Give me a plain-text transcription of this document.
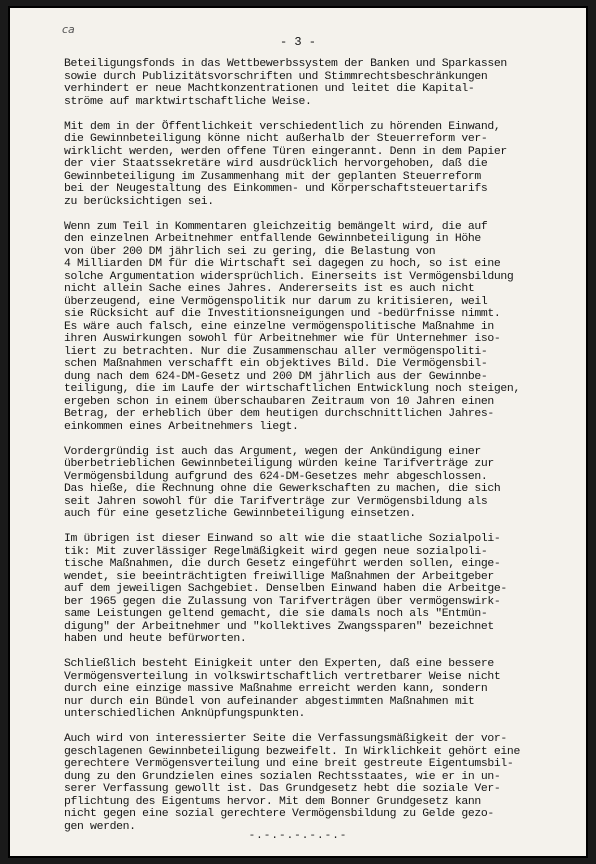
ca
- 3 -
Beteiligungsfonds in das Wettbewerbssystem der Banken und Sparkassen
sowie durch Publizitätsvorschriften und Stimmrechtsbeschränkungen
verhindert er neue Machtkonzentrationen und leitet die Kapital-
ströme auf marktwirtschaftliche Weise.
Mit dem in der Öffentlichkeit verschiedentlich zu hörenden Einwand,
die Gewinnbeteiligung könne nicht außerhalb der Steuerreform ver-
wirklicht werden, werden offene Türen eingerannt. Denn in dem Papier
der vier Staatssekretäre wird ausdrücklich hervorgehoben, daß die
Gewinnbeteiligung im Zusammenhang mit der geplanten Steuerreform
bei der Neugestaltung des Einkommen- und Körperschaftsteuertarifs
zu berücksichtigen sei.
Wenn zum Teil in Kommentaren gleichzeitig bemängelt wird, die auf
den einzelnen Arbeitnehmer entfallende Gewinnbeteiligung in Höhe
von über 200 DM jährlich sei zu gering, die Belastung von
4 Milliarden DM für die Wirtschaft sei dagegen zu hoch, so ist eine
solche Argumentation widersprüchlich. Einerseits ist Vermögensbildung
nicht allein Sache eines Jahres. Andererseits ist es auch nicht
überzeugend, eine Vermögenspolitik nur darum zu kritisieren, weil
sie Rücksicht auf die Investitionsneigungen und -bedürfnisse nimmt.
Es wäre auch falsch, eine einzelne vermögenspolitische Maßnahme in
ihren Auswirkungen sowohl für Arbeitnehmer wie für Unternehmer iso-
liert zu betrachten. Nur die Zusammenschau aller vermögenspoliti-
schen Maßnahmen verschafft ein objektives Bild. Die Vermögensbil-
dung nach dem 624-DM-Gesetz und 200 DM jährlich aus der Gewinnbe-
teiligung, die im Laufe der wirtschaftlichen Entwicklung noch steigen,
ergeben schon in einem überschaubaren Zeitraum von 10 Jahren einen
Betrag, der erheblich über dem heutigen durchschnittlichen Jahres-
einkommen eines Arbeitnehmers liegt.
Vordergründig ist auch das Argument, wegen der Ankündigung einer
überbetrieblichen Gewinnbeteiligung würden keine Tarifverträge zur
Vermögensbildung aufgrund des 624-DM-Gesetzes mehr abgeschlossen.
Das hieße, die Rechnung ohne die Gewerkschaften zu machen, die sich
seit Jahren sowohl für die Tarifverträge zur Vermögensbildung als
auch für eine gesetzliche Gewinnbeteiligung einsetzen.
Im übrigen ist dieser Einwand so alt wie die staatliche Sozialpoli-
tik: Mit zuverlässiger Regelmäßigkeit wird gegen neue sozialpoli-
tische Maßnahmen, die durch Gesetz eingeführt werden sollen, einge-
wendet, sie beeinträchtigten freiwillige Maßnahmen der Arbeitgeber
auf dem jeweiligen Sachgebiet. Denselben Einwand haben die Arbeitge-
ber 1965 gegen die Zulassung von Tarifverträgen über vermögenswirk-
same Leistungen geltend gemacht, die sie damals noch als "Entmün-
digung" der Arbeitnehmer und "kollektives Zwangssparen" bezeichnet
haben und heute befürworten.
Schließlich besteht Einigkeit unter den Experten, daß eine bessere
Vermögensverteilung in volkswirtschaftlich vertretbarer Weise nicht
durch eine einzige massive Maßnahme erreicht werden kann, sondern
nur durch ein Bündel von aufeinander abgestimmten Maßnahmen mit
unterschiedlichen Anknüpfungspunkten.
Auch wird von interessierter Seite die Verfassungsmäßigkeit der vor-
geschlagenen Gewinnbeteiligung bezweifelt. In Wirklichkeit gehört eine
gerechtere Vermögensverteilung und eine breit gestreute Eigentumsbil-
dung zu den Grundzielen eines sozialen Rechtsstaates, wie er in un-
serer Verfassung gewollt ist. Das Grundgesetz hebt die soziale Ver-
pflichtung des Eigentums hervor. Mit dem Bonner Grundgesetz kann
nicht gegen eine sozial gerechtere Vermögensbildung zu Gelde gezo-
gen werden.
-.-.-.-.-.-.-
